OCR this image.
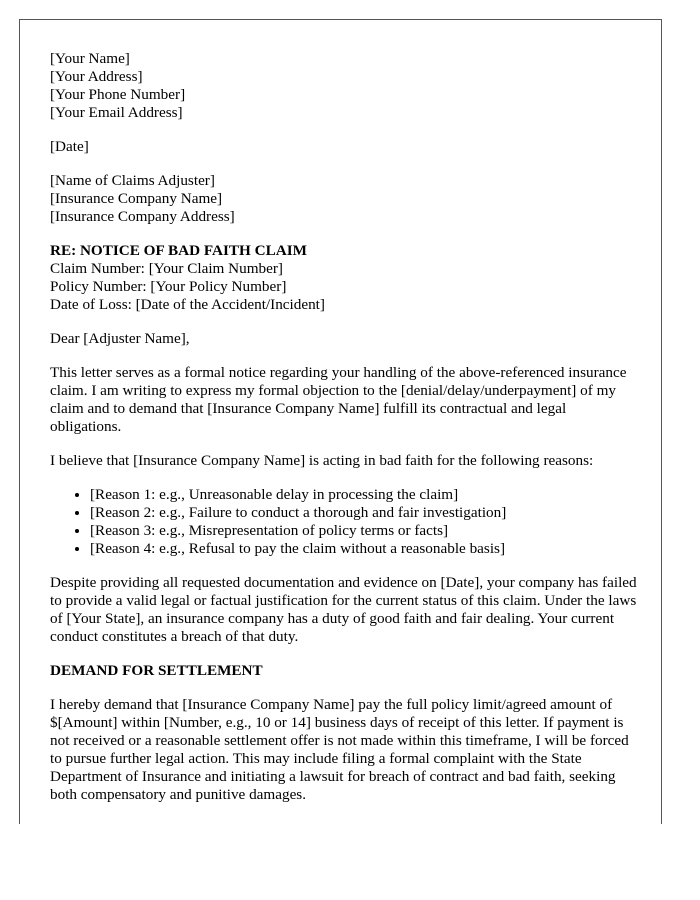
[Your Name]
[Your Address]
[Your Phone Number]
[Your Email Address]
[Date]
[Name of Claims Adjuster]
[Insurance Company Name]
[Insurance Company Address]
RE: NOTICE OF BAD FAITH CLAIM
Claim Number: [Your Claim Number]
Policy Number: [Your Policy Number]
Date of Loss: [Date of the Accident/Incident]

Dear [Adjuster Name],

This letter serves as a formal notice regarding your handling of the above-referenced insurance claim. I am writing to express my formal objection to the [denial/delay/underpayment] of my claim and to demand that [Insurance Company Name] fulfill its contractual and legal obligations.

I believe that [Insurance Company Name] is acting in bad faith for the following reasons:

• [Reason 1: e.g., Unreasonable delay in processing the claim]
• [Reason 2: e.g., Failure to conduct a thorough and fair investigation]
• [Reason 3: e.g., Misrepresentation of policy terms or facts]
• [Reason 4: e.g., Refusal to pay the claim without a reasonable basis]

Despite providing all requested documentation and evidence on [Date], your company has failed to provide a valid legal or factual justification for the current status of this claim. Under the laws of [Your State], an insurance company has a duty of good faith and fair dealing. Your current conduct constitutes a breach of that duty.

DEMAND FOR SETTLEMENT

I hereby demand that [Insurance Company Name] pay the full policy limit/agreed amount of $[Amount] within [Number, e.g., 10 or 14] business days of receipt of this letter. If payment is not received or a reasonable settlement offer is not made within this timeframe, I will be forced to pursue further legal action. This may include filing a formal complaint with the State Department of Insurance and initiating a lawsuit for breach of contract and bad faith, seeking both compensatory and punitive damages.
